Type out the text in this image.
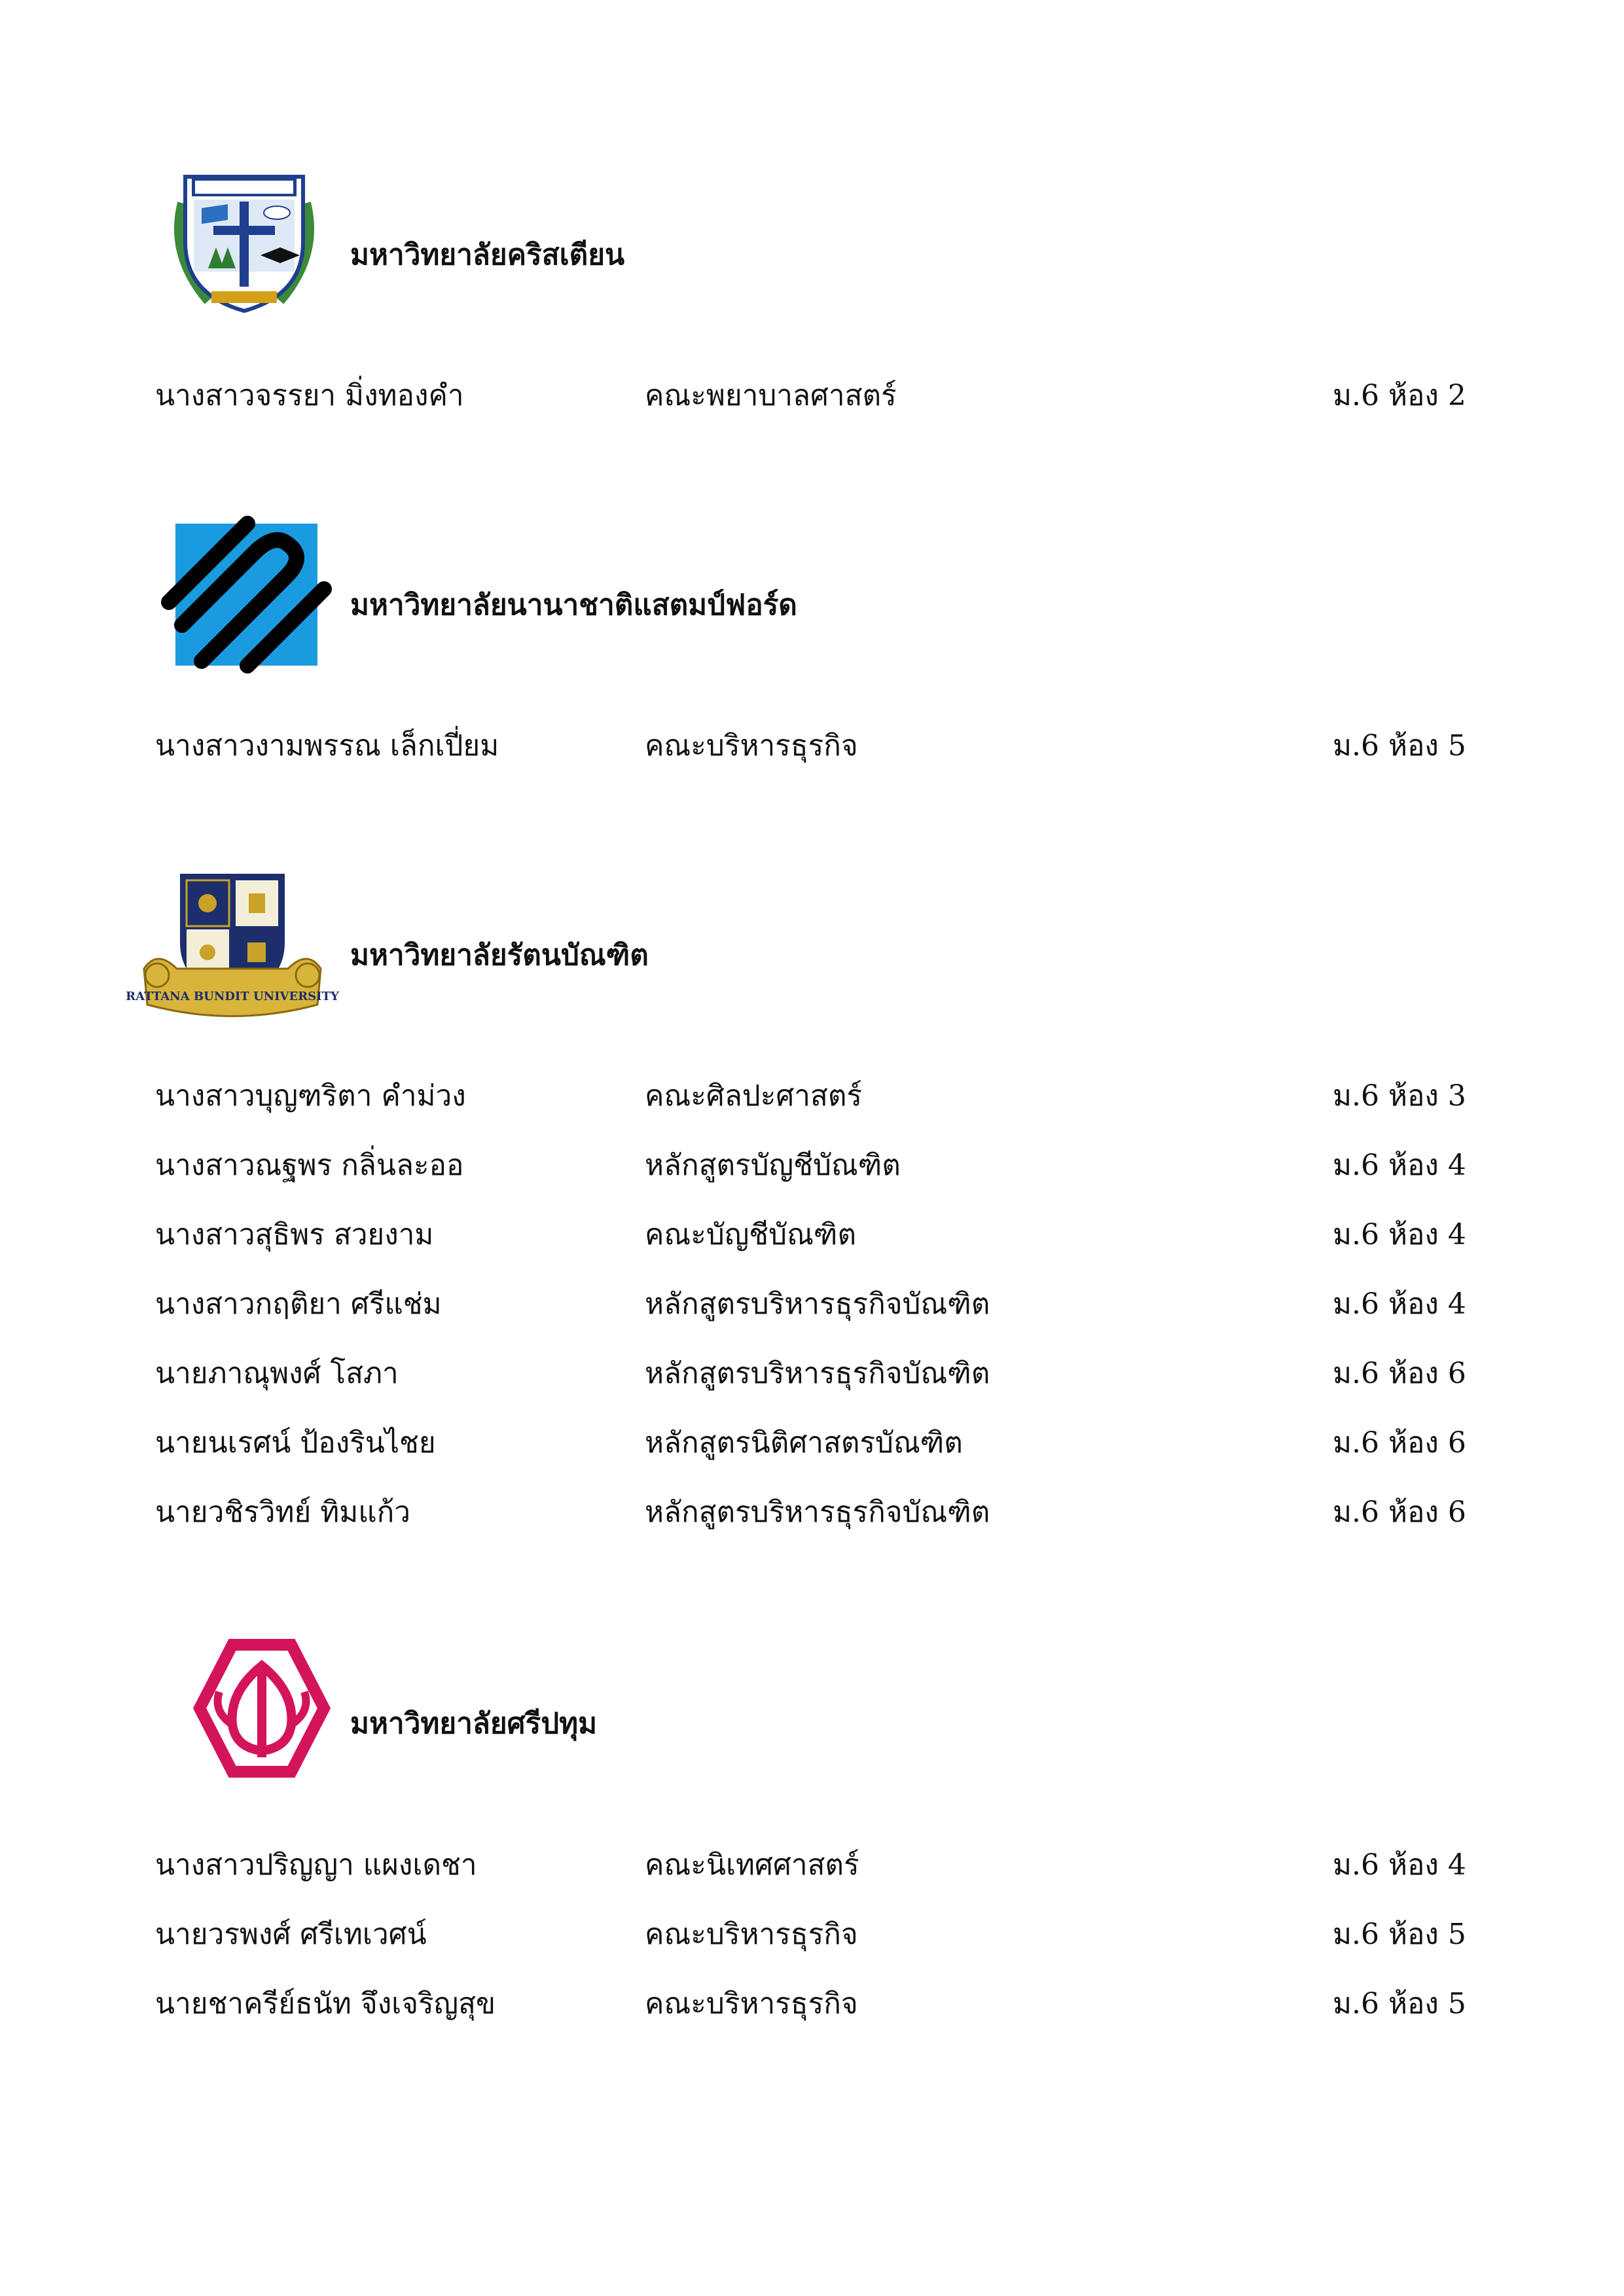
มหาวิทยาลัยคริสเตียน
นางสาวจรรยา มิ่งทองคำ	คณะพยาบาลศาสตร์	ม.6 ห้อง 2
มหาวิทยาลัยนานาชาติแสตมป์ฟอร์ด
นางสาวงามพรรณ เล็กเปี่ยม	คณะบริหารธุรกิจ	ม.6 ห้อง 5
RATTANA BUNDIT UNIVERSITY
มหาวิทยาลัยรัตนบัณฑิต
นางสาวบุญฑริตา คำม่วง	คณะศิลปะศาสตร์	ม.6 ห้อง 3
นางสาวณฐพร กลิ่นละออ	หลักสูตรบัญชีบัณฑิต	ม.6 ห้อง 4
นางสาวสุธิพร สวยงาม	คณะบัญชีบัณฑิต	ม.6 ห้อง 4
นางสาวกฤติยา ศรีแช่ม	หลักสูตรบริหารธุรกิจบัณฑิต	ม.6 ห้อง 4
นายภาณุพงศ์ โสภา	หลักสูตรบริหารธุรกิจบัณฑิต	ม.6 ห้อง 6
นายนเรศน์ ป้องรินไชย	หลักสูตรนิติศาสตรบัณฑิต	ม.6 ห้อง 6
นายวชิรวิทย์ ทิมแก้ว	หลักสูตรบริหารธุรกิจบัณฑิต	ม.6 ห้อง 6
มหาวิทยาลัยศรีปทุม
นางสาวปริญญา แผงเดชา	คณะนิเทศศาสตร์	ม.6 ห้อง 4
นายวรพงศ์ ศรีเทเวศน์	คณะบริหารธุรกิจ	ม.6 ห้อง 5
นายชาครีย์ธนัท จึงเจริญสุข	คณะบริหารธุรกิจ	ม.6 ห้อง 5
